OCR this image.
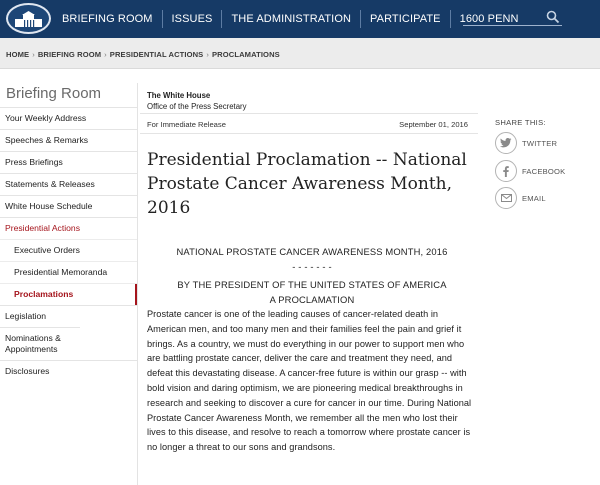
BRIEFING ROOM ISSUES THE ADMINISTRATION PARTICIPATE 1600 PENN
HOME › BRIEFING ROOM › PRESIDENTIAL ACTIONS › PROCLAMATIONS
Briefing Room
Your Weekly Address
Speeches & Remarks
Press Briefings
Statements & Releases
White House Schedule
Presidential Actions
Executive Orders
Presidential Memoranda
Proclamations
Legislation
Nominations & Appointments
Disclosures
The White House
Office of the Press Secretary
For Immediate Release	September 01, 2016
Presidential Proclamation -- National Prostate Cancer Awareness Month, 2016
NATIONAL PROSTATE CANCER AWARENESS MONTH, 2016
- - - - - - -
BY THE PRESIDENT OF THE UNITED STATES OF AMERICA
A PROCLAMATION

Prostate cancer is one of the leading causes of cancer-related death in American men, and too many men and their families feel the pain and grief it brings. As a country, we must do everything in our power to support men who are battling prostate cancer, deliver the care and treatment they need, and defeat this devastating disease. A cancer-free future is within our grasp -- with bold vision and daring optimism, we are pioneering medical breakthroughs in research and seeking to discover a cure for cancer in our time. During National Prostate Cancer Awareness Month, we remember all the men who lost their lives to this disease, and resolve to reach a tomorrow where prostate cancer is no longer a threat to our sons and grandsons.

SHARE THIS:
TWITTER
FACEBOOK
EMAIL
